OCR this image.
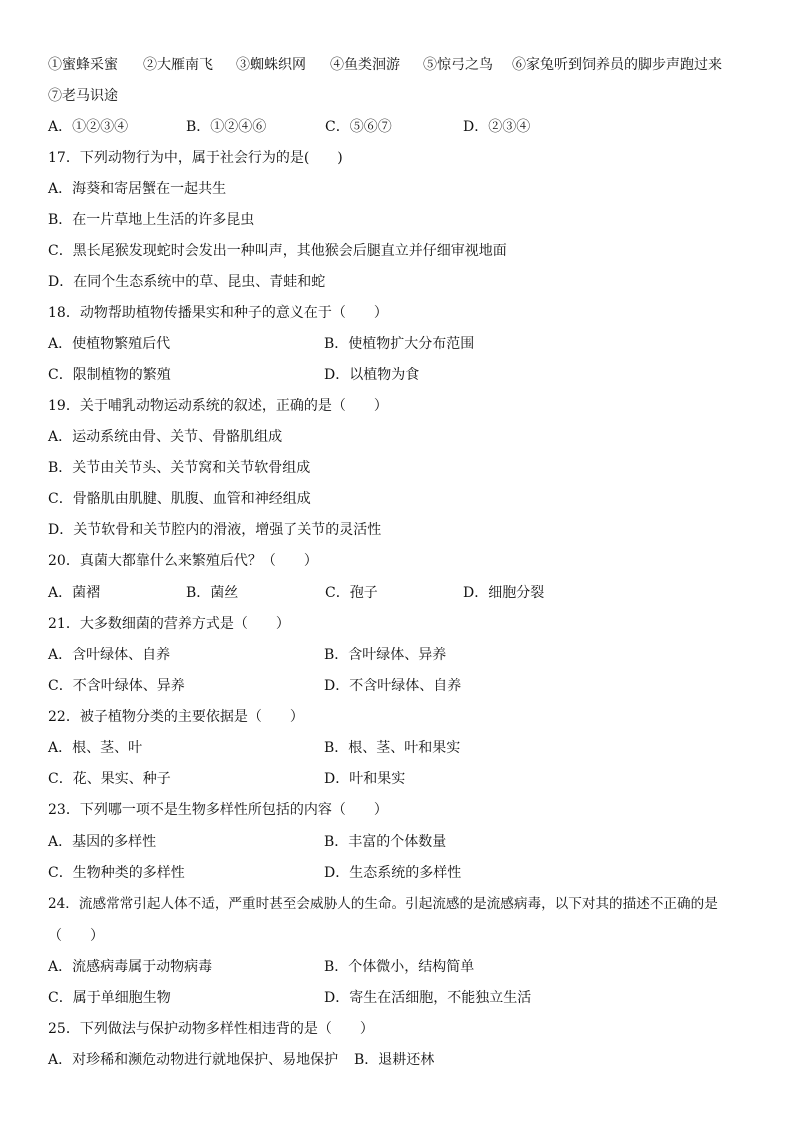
①蜜蜂采蜜 ②大雁南飞 ③蜘蛛织网 ④鱼类洄游 ⑤惊弓之鸟 ⑥家兔听到饲养员的脚步声跑过来
⑦老马识途
A．①②③④	B．①②④⑥	C．⑤⑥⑦	D．②③④
17．下列动物行为中，属于社会行为的是(　　)
A．海葵和寄居蟹在一起共生
B．在一片草地上生活的许多昆虫
C．黑长尾猴发现蛇时会发出一种叫声，其他猴会后腿直立并仔细审视地面
D．在同个生态系统中的草、昆虫、青蛙和蛇
18．动物帮助植物传播果实和种子的意义在于（　　）
A．使植物繁殖后代	B．使植物扩大分布范围
C．限制植物的繁殖	D．以植物为食
19．关于哺乳动物运动系统的叙述，正确的是（　　）
A．运动系统由骨、关节、骨骼肌组成
B．关节由关节头、关节窝和关节软骨组成
C．骨骼肌由肌腱、肌腹、血管和神经组成
D．关节软骨和关节腔内的滑液，增强了关节的灵活性
20．真菌大都靠什么来繁殖后代？（　　）
A．菌褶	B．菌丝	C．孢子	D．细胞分裂
21．大多数细菌的营养方式是（　　）
A．含叶绿体、自养	B．含叶绿体、异养
C．不含叶绿体、异养	D．不含叶绿体、自养
22．被子植物分类的主要依据是（　　）
A．根、茎、叶	B．根、茎、叶和果实
C．花、果实、种子	D．叶和果实
23．下列哪一项不是生物多样性所包括的内容（　　）
A．基因的多样性	B．丰富的个体数量
C．生物种类的多样性	D．生态系统的多样性
24．流感常常引起人体不适，严重时甚至会威胁人的生命。引起流感的是流感病毒，以下对其的描述不正确的是
（　　）
A．流感病毒属于动物病毒	B．个体微小，结构简单
C．属于单细胞生物	D．寄生在活细胞，不能独立生活
25．下列做法与保护动物多样性相违背的是（　　）
A．对珍稀和濒危动物进行就地保护、易地保护 B．退耕还林
